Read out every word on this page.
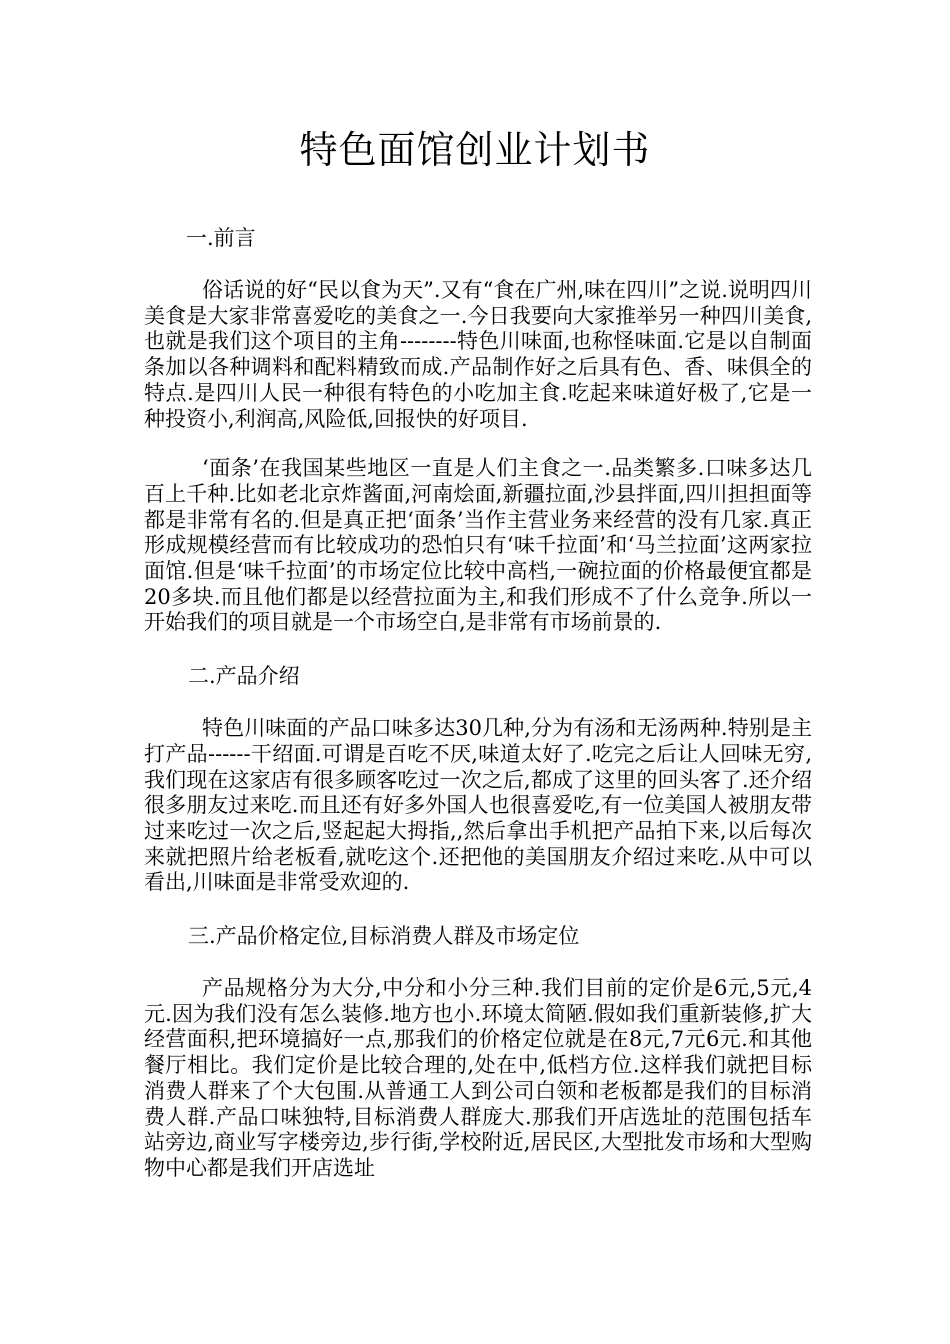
特色面馆创业计划书
一.前言

俗话说的好“民以食为天”.又有“食在广州,味在四川”之说.说明四川美食是大家非常喜爱吃的美食之一.今日我要向大家推举另一种四川美食,也就是我们这个项目的主角--------特色川味面,也称怪味面.它是以自制面条加以各种调料和配料精致而成.产品制作好之后具有色、香、味俱全的特点.是四川人民一种很有特色的小吃加主食.吃起来味道好极了,它是一种投资小,利润高,风险低,回报快的好项目.

‘面条’在我国某些地区一直是人们主食之一.品类繁多.口味多达几百上千种.比如老北京炸酱面,河南烩面,新疆拉面,沙县拌面,四川担担面等都是非常有名的.但是真正把‘面条’当作主营业务来经营的没有几家.真正形成规模经营而有比较成功的恐怕只有‘味千拉面’和‘马兰拉面’这两家拉面馆.但是‘味千拉面’的市场定位比较中高档,一碗拉面的价格最便宜都是20多块.而且他们都是以经营拉面为主,和我们形成不了什么竞争.所以一开始我们的项目就是一个市场空白,是非常有市场前景的.

二.产品介绍

特色川味面的产品口味多达30几种,分为有汤和无汤两种.特别是主打产品------干绍面.可谓是百吃不厌,味道太好了.吃完之后让人回味无穷,我们现在这家店有很多顾客吃过一次之后,都成了这里的回头客了.还介绍很多朋友过来吃.而且还有好多外国人也很喜爱吃,有一位美国人被朋友带过来吃过一次之后,竖起起大拇指,,然后拿出手机把产品拍下来,以后每次来就把照片给老板看,就吃这个.还把他的美国朋友介绍过来吃.从中可以看出,川味面是非常受欢迎的.

三.产品价格定位,目标消费人群及市场定位

产品规格分为大分,中分和小分三种.我们目前的定价是6元,5元,4元.因为我们没有怎么装修.地方也小.环境太简陋.假如我们重新装修,扩大经营面积,把环境搞好一点,那我们的价格定位就是在8元,7元6元.和其他餐厅相比。我们定价是比较合理的,处在中,低档方位.这样我们就把目标消费人群来了个大包围.从普通工人到公司白领和老板都是我们的目标消费人群.产品口味独特,目标消费人群庞大.那我们开店选址的范围包括车站旁边,商业写字楼旁边,步行街,学校附近,居民区,大型批发市场和大型购物中心都是我们开店选址
